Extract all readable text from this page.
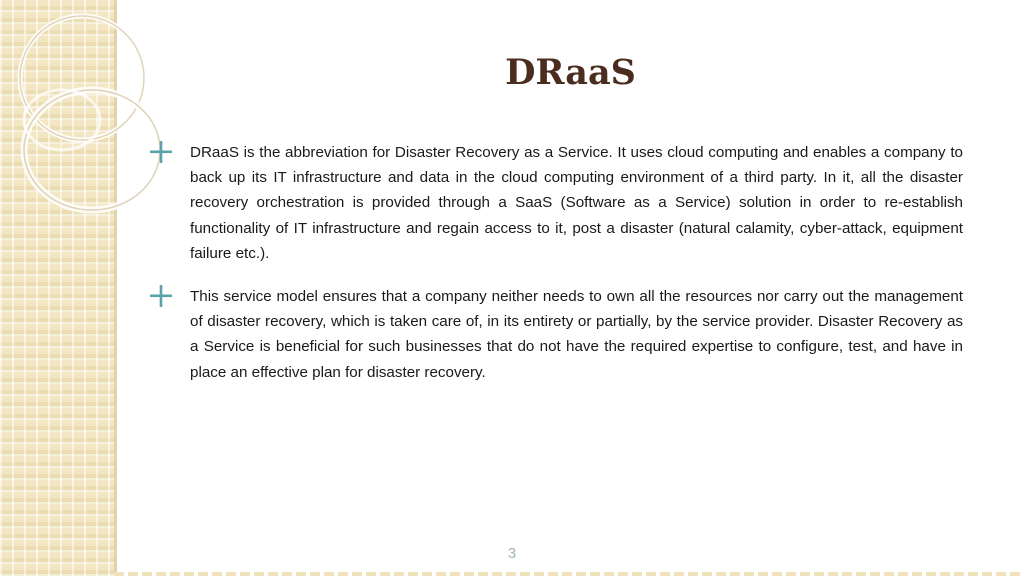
DRaaS
DRaaS is the abbreviation for Disaster Recovery as a Service. It uses cloud computing and enables a company to back up its IT infrastructure and data in the cloud computing environment of a third party. In it, all the disaster recovery orchestration is provided through a SaaS (Software as a Service) solution in order to re-establish functionality of IT infrastructure and regain access to it, post a disaster (natural calamity, cyber-attack, equipment failure etc.).
This service model ensures that a company neither needs to own all the resources nor carry out the management of disaster recovery, which is taken care of, in its entirety or partially, by the service provider. Disaster Recovery as a Service is beneficial for such businesses that do not have the required expertise to configure, test, and have in place an effective plan for disaster recovery.
3
